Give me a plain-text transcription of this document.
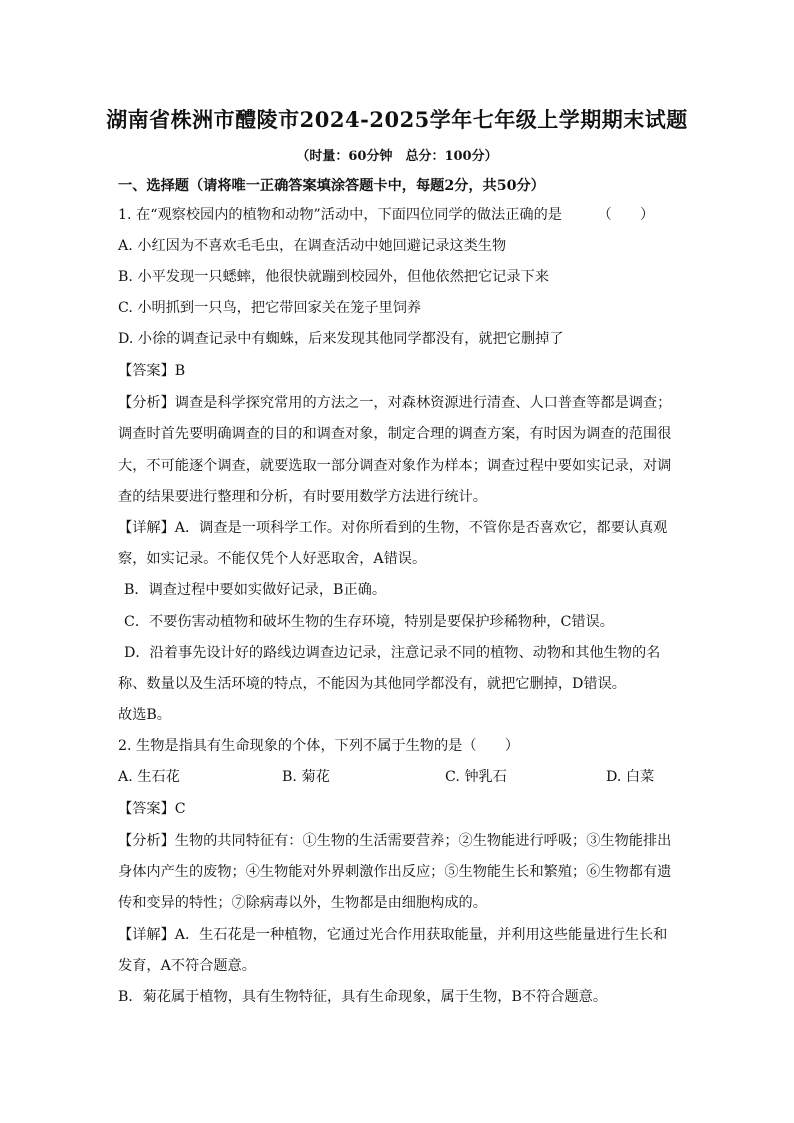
湖南省株洲市醴陵市2024-2025学年七年级上学期期末试题
（时量：60分钟　总分：100分）
一、选择题（请将唯一正确答案填涂答题卡中，每题2分，共50分）
1. 在“观察校园内的植物和动物”活动中，下面四位同学的做法正确的是　　　（　　）
A. 小红因为不喜欢毛毛虫，在调查活动中她回避记录这类生物
B. 小平发现一只蟋蟀，他很快就蹦到校园外，但他依然把它记录下来
C. 小明抓到一只鸟，把它带回家关在笼子里饲养
D. 小徐的调查记录中有蜘蛛，后来发现其他同学都没有，就把它删掉了
【答案】B
【分析】调查是科学探究常用的方法之一，对森林资源进行清查、人口普查等都是调查；
调查时首先要明确调查的目的和调查对象，制定合理的调查方案，有时因为调查的范围很
大，不可能逐个调查，就要选取一部分调查对象作为样本；调查过程中要如实记录，对调
查的结果要进行整理和分析，有时要用数学方法进行统计。
【详解】A．调查是一项科学工作。对你所看到的生物，不管你是否喜欢它，都要认真观
察，如实记录。不能仅凭个人好恶取舍，A错误。
B．调查过程中要如实做好记录，B正确。
C．不要伤害动植物和破坏生物的生存环境，特别是要保护珍稀物种，C错误。
D．沿着事先设计好的路线边调查边记录，注意记录不同的植物、动物和其他生物的名
称、数量以及生活环境的特点，不能因为其他同学都没有，就把它删掉，D错误。
故选B。
2. 生物是指具有生命现象的个体，下列不属于生物的是（　　）
A. 生石花	B. 菊花	C. 钟乳石	D. 白菜
【答案】C
【分析】生物的共同特征有：①生物的生活需要营养；②生物能进行呼吸；③生物能排出
身体内产生的废物；④生物能对外界刺激作出反应；⑤生物能生长和繁殖；⑥生物都有遗
传和变异的特性；⑦除病毒以外，生物都是由细胞构成的。
【详解】A．生石花是一种植物，它通过光合作用获取能量，并利用这些能量进行生长和
发育，A不符合题意。
B．菊花属于植物，具有生物特征，具有生命现象，属于生物，B不符合题意。
